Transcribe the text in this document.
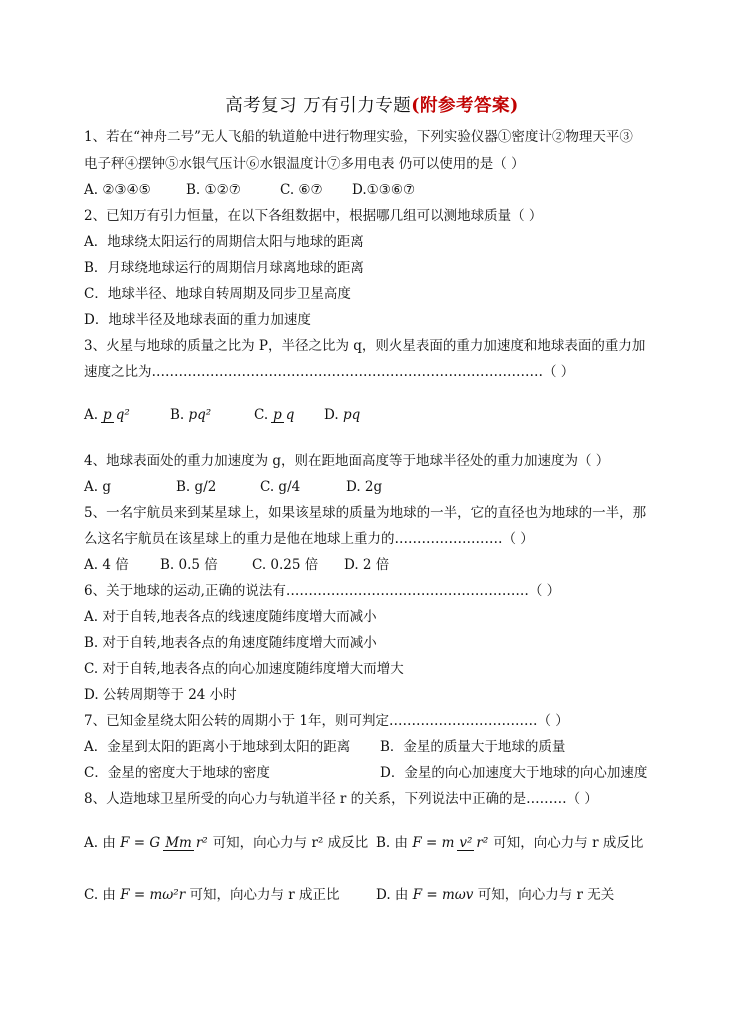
高考复习 万有引力专题(附参考答案)
1、若在“神舟二号”无人飞船的轨道舱中进行物理实验，下列实验仪器①密度计②物理天平③
电子秤④摆钟⑤水银气压计⑥水银温度计⑦多用电表 仍可以使用的是（ ）
A. ②③④⑤	B. ①②⑦	C. ⑥⑦ D.①③⑥⑦
2、已知万有引力恒量，在以下各组数据中，根据哪几组可以测地球质量（ ）
A．地球绕太阳运行的周期信太阳与地球的距离
B．月球绕地球运行的周期信月球离地球的距离
C．地球半径、地球自转周期及同步卫星高度
D．地球半径及地球表面的重力加速度
3、火星与地球的质量之比为 P，半径之比为 q，则火星表面的重力加速度和地球表面的重力加
速度之比为……………………………………………………………………………（ ）
A. p q²	B. pq²	C. p q D. pq
4、地球表面处的重力加速度为 g，则在距地面高度等于地球半径处的重力加速度为（ ）
A. g	B. g/2	C. g/4	D. 2g
5、一名宇航员来到某星球上，如果该星球的质量为地球的一半，它的直径也为地球的一半，那
么这名宇航员在该星球上的重力是他在地球上重力的……………………（ ）
A. 4 倍 B. 0.5 倍	C. 0.25 倍 D. 2 倍
6、关于地球的运动,正确的说法有………………………………………………（ ）
A. 对于自转,地表各点的线速度随纬度增大而减小
B. 对于自转,地表各点的角速度随纬度增大而减小
C. 对于自转,地表各点的向心加速度随纬度增大而增大
D. 公转周期等于 24 小时
7、已知金星绕太阳公转的周期小于 1年，则可判定……………………………（ ）
A．金星到太阳的距离小于地球到太阳的距离 B．金星的质量大于地球的质量
C．金星的密度大于地球的密度	D．金星的向心加速度大于地球的向心加速度
8、人造地球卫星所受的向心力与轨道半径 r 的关系，下列说法中正确的是………（ ）
A. 由 F = G Mm r² 可知，向心力与 r² 成反比 B. 由 F = m v² r² 可知，向心力与 r 成反比
C. 由 F = mω²r 可知，向心力与 r 成正比	D. 由 F = mωv 可知，向心力与 r 无关
